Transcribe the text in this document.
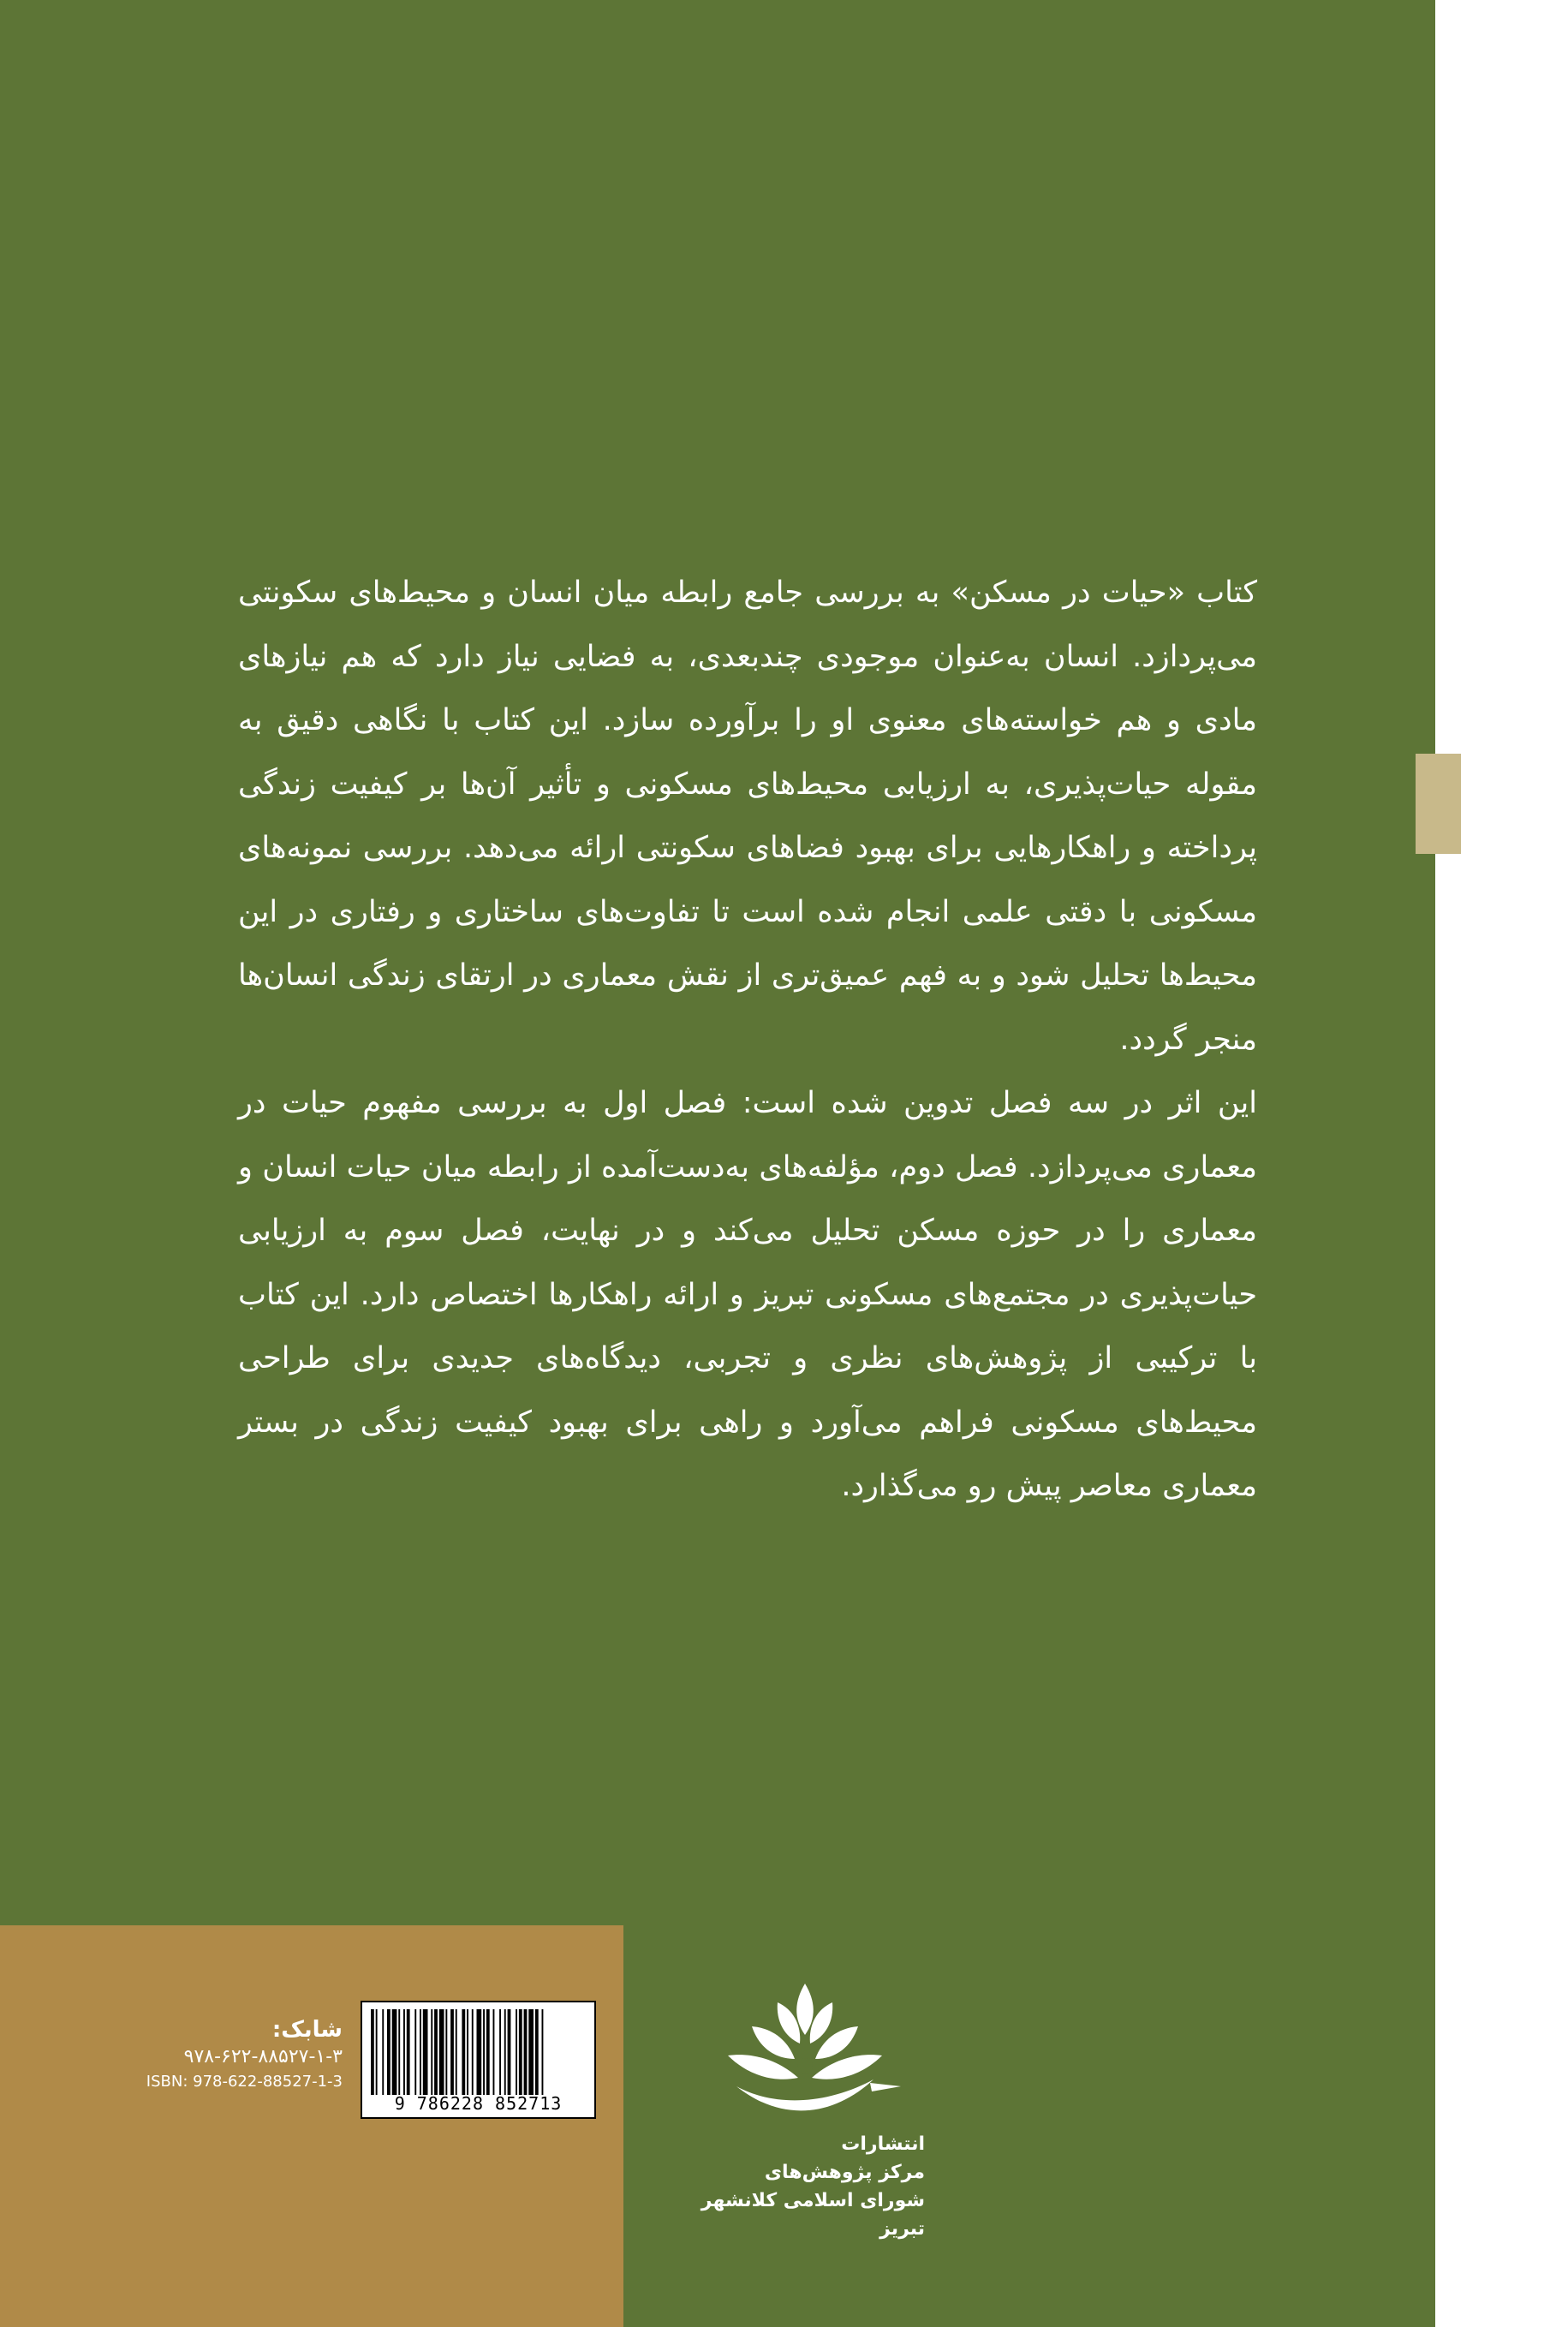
کتاب «حیات در مسکن» به بررسی جامع رابطه میان انسان و محیط‌های سکونتی می‌پردازد. انسان به‌عنوان موجودی چندبعدی، به فضایی نیاز دارد که هم نیازهای مادی و هم خواسته‌های معنوی او را برآورده سازد. این کتاب با نگاهی دقیق به مقوله حیات‌پذیری، به ارزیابی محیط‌های مسکونی و تأثیر آن‌ها بر کیفیت زندگی پرداخته و راهکارهایی برای بهبود فضاهای سکونتی ارائه می‌دهد. بررسی نمونه‌های مسکونی با دقتی علمی انجام شده است تا تفاوت‌های ساختاری و رفتاری در این محیط‌ها تحلیل شود و به فهم عمیق‌تری از نقش معماری در ارتقای زندگی انسان‌ها منجر گردد.

این اثر در سه فصل تدوین شده است: فصل اول به بررسی مفهوم حیات در معماری می‌پردازد. فصل دوم، مؤلفه‌های به‌دست‌آمده از رابطه میان حیات انسان و معماری را در حوزه مسکن تحلیل می‌کند و در نهایت، فصل سوم به ارزیابی حیات‌پذیری در مجتمع‌های مسکونی تبریز و ارائه راهکارها اختصاص دارد. این کتاب با ترکیبی از پژوهش‌های نظری و تجربی، دیدگاه‌های جدیدی برای طراحی محیط‌های مسکونی فراهم می‌آورد و راهی برای بهبود کیفیت زندگی در بستر معماری معاصر پیش رو می‌گذارد.

9 786228 852713
شابک:
۹۷۸-۶۲۲-۸۸۵۲۷-۱-۳
ISBN: 978-622-88527-1-3
انتشارات
مرکز پژوهش‌های
شورای اسلامی کلانشهر تبریز
